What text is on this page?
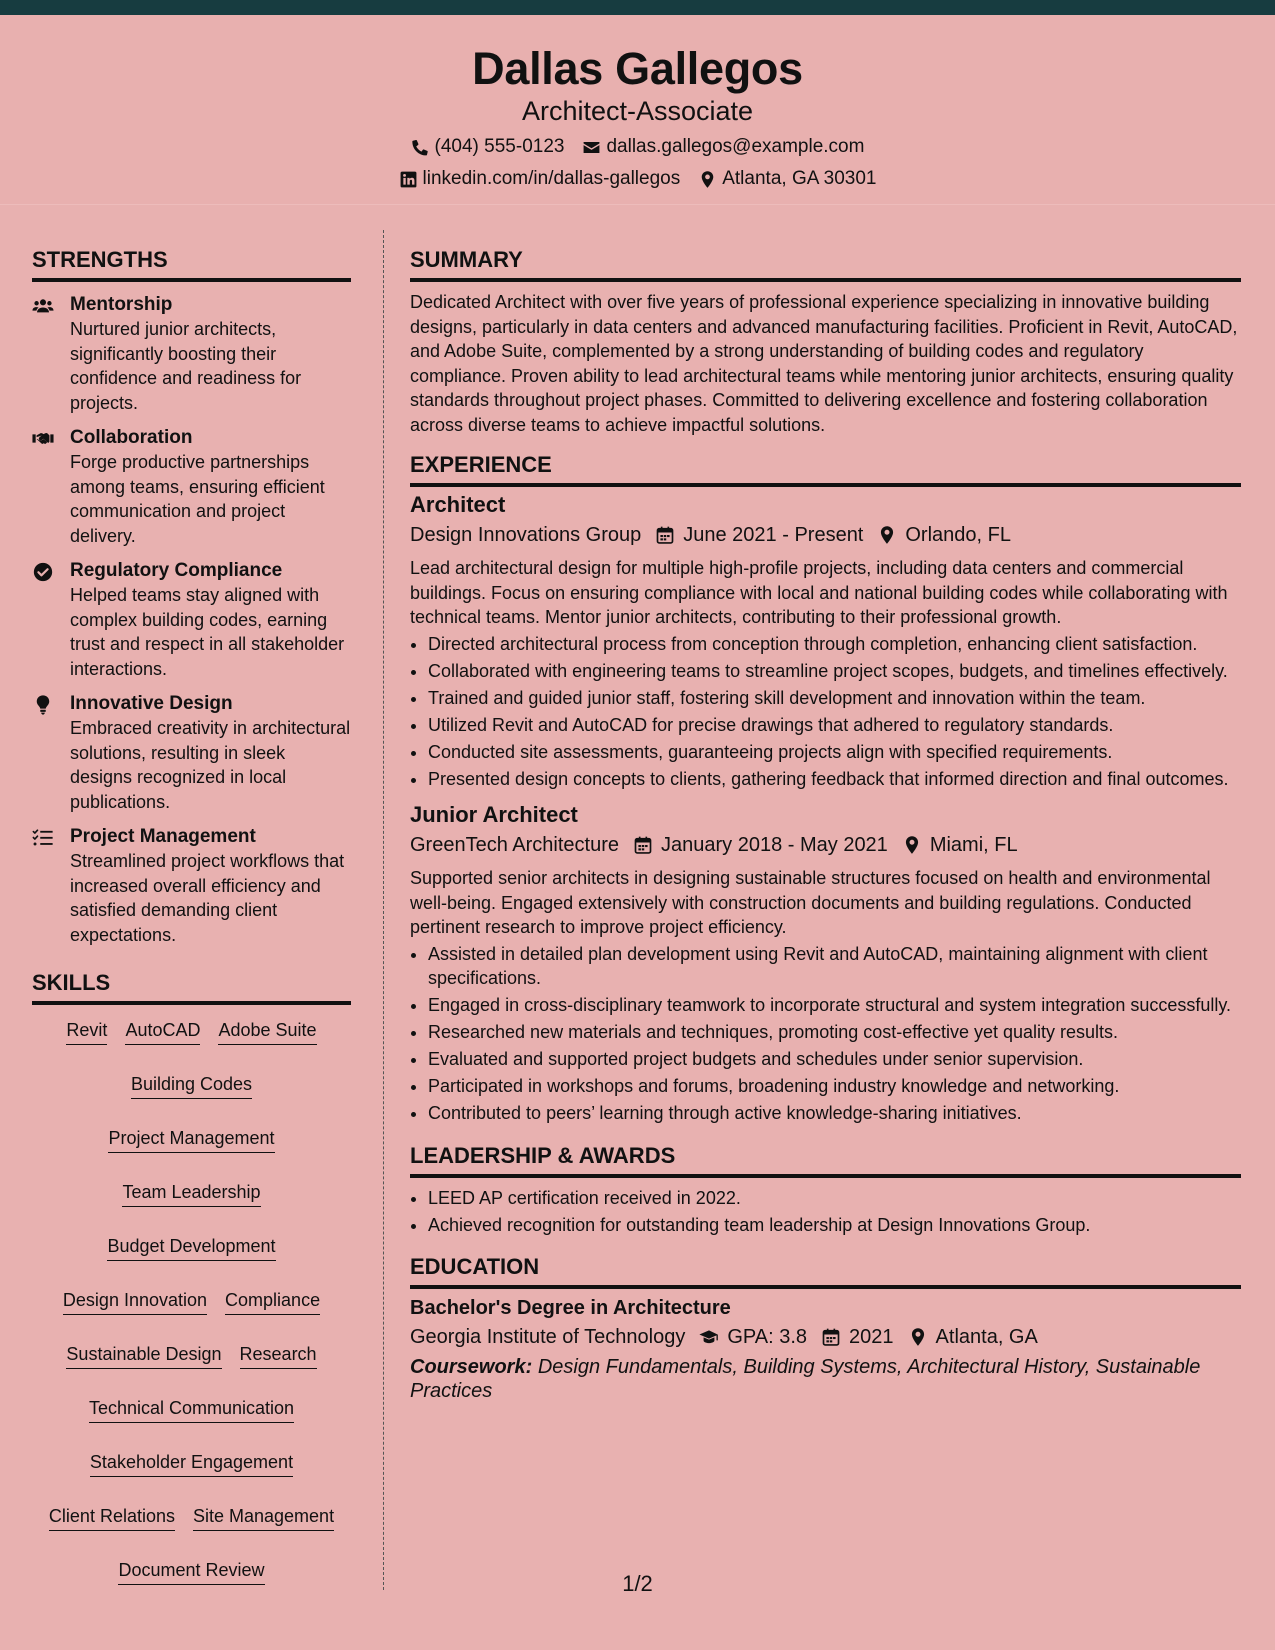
Dallas Gallegos
Architect-Associate
(404) 555-0123 dallas.gallegos@example.com
linkedin.com/in/dallas-gallegos Atlanta, GA 30301
STRENGTHS
Mentorship
Nurtured junior architects, significantly boosting their confidence and readiness for projects.
Collaboration
Forge productive partnerships among teams, ensuring efficient communication and project delivery.
Regulatory Compliance
Helped teams stay aligned with complex building codes, earning trust and respect in all stakeholder interactions.
Innovative Design
Embraced creativity in architectural solutions, resulting in sleek designs recognized in local publications.
Project Management
Streamlined project workflows that increased overall efficiency and satisfied demanding client expectations.
SKILLS
Revit AutoCAD Adobe Suite
Building Codes
Project Management
Team Leadership
Budget Development
Design Innovation Compliance
Sustainable Design Research
Technical Communication
Stakeholder Engagement
Client Relations Site Management
Document Review
SUMMARY

Dedicated Architect with over five years of professional experience specializing in innovative building designs, particularly in data centers and advanced manufacturing facilities. Proficient in Revit, AutoCAD, and Adobe Suite, complemented by a strong understanding of building codes and regulatory compliance. Proven ability to lead architectural teams while mentoring junior architects, ensuring quality standards throughout project phases. Committed to delivering excellence and fostering collaboration across diverse teams to achieve impactful solutions.

EXPERIENCE
Architect
Design Innovations Group June 2021 - Present Orlando, FL

Lead architectural design for multiple high-profile projects, including data centers and commercial buildings. Focus on ensuring compliance with local and national building codes while collaborating with technical teams. Mentor junior architects, contributing to their professional growth.

• Directed architectural process from conception through completion, enhancing client satisfaction.
• Collaborated with engineering teams to streamline project scopes, budgets, and timelines effectively.
• Trained and guided junior staff, fostering skill development and innovation within the team.
• Utilized Revit and AutoCAD for precise drawings that adhered to regulatory standards.
• Conducted site assessments, guaranteeing projects align with specified requirements.
• Presented design concepts to clients, gathering feedback that informed direction and final outcomes.
Junior Architect
GreenTech Architecture January 2018 - May 2021 Miami, FL

Supported senior architects in designing sustainable structures focused on health and environmental well-being. Engaged extensively with construction documents and building regulations. Conducted pertinent research to improve project efficiency.

• Assisted in detailed plan development using Revit and AutoCAD, maintaining alignment with client specifications.
• Engaged in cross-disciplinary teamwork to incorporate structural and system integration successfully.
• Researched new materials and techniques, promoting cost-effective yet quality results.
• Evaluated and supported project budgets and schedules under senior supervision.
• Participated in workshops and forums, broadening industry knowledge and networking.
• Contributed to peers’ learning through active knowledge-sharing initiatives.
LEADERSHIP & AWARDS
• LEED AP certification received in 2022.
• Achieved recognition for outstanding team leadership at Design Innovations Group.
EDUCATION
Bachelor's Degree in Architecture
Georgia Institute of Technology GPA: 3.8 2021 Atlanta, GA
Coursework: Design Fundamentals, Building Systems, Architectural History, Sustainable Practices
1/2
